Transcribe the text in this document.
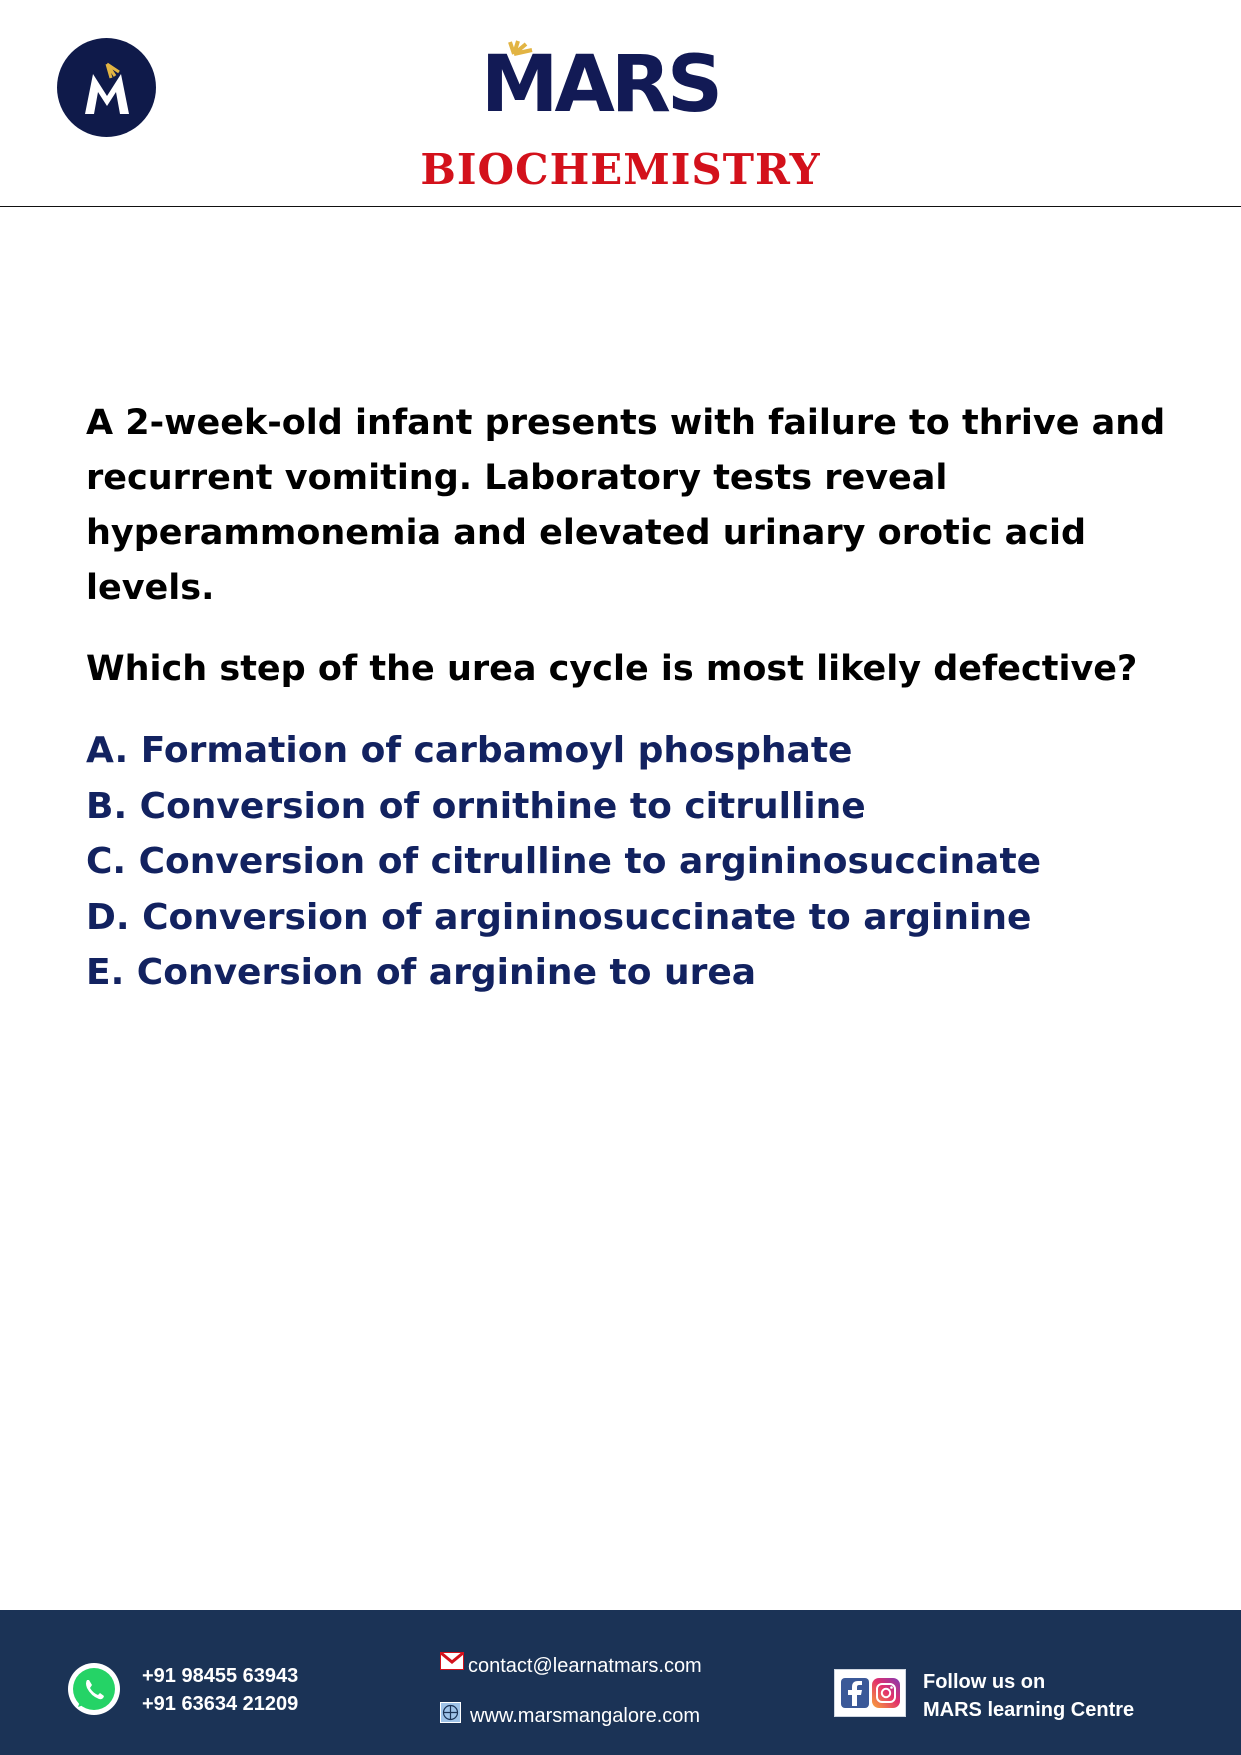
MARS
BIOCHEMISTRY

A 2-week-old infant presents with failure to thrive and recurrent vomiting. Laboratory tests reveal hyperammonemia and elevated urinary orotic acid levels.

Which step of the urea cycle is most likely defective?

A. Formation of carbamoyl phosphate
B. Conversion of ornithine to citrulline
C. Conversion of citrulline to argininosuccinate
D. Conversion of argininosuccinate to arginine
E. Conversion of arginine to urea
+91 98455 63943
+91 63634 21209
contact@learnatmars.com
www.marsmangalore.com
Follow us on
MARS learning Centre
